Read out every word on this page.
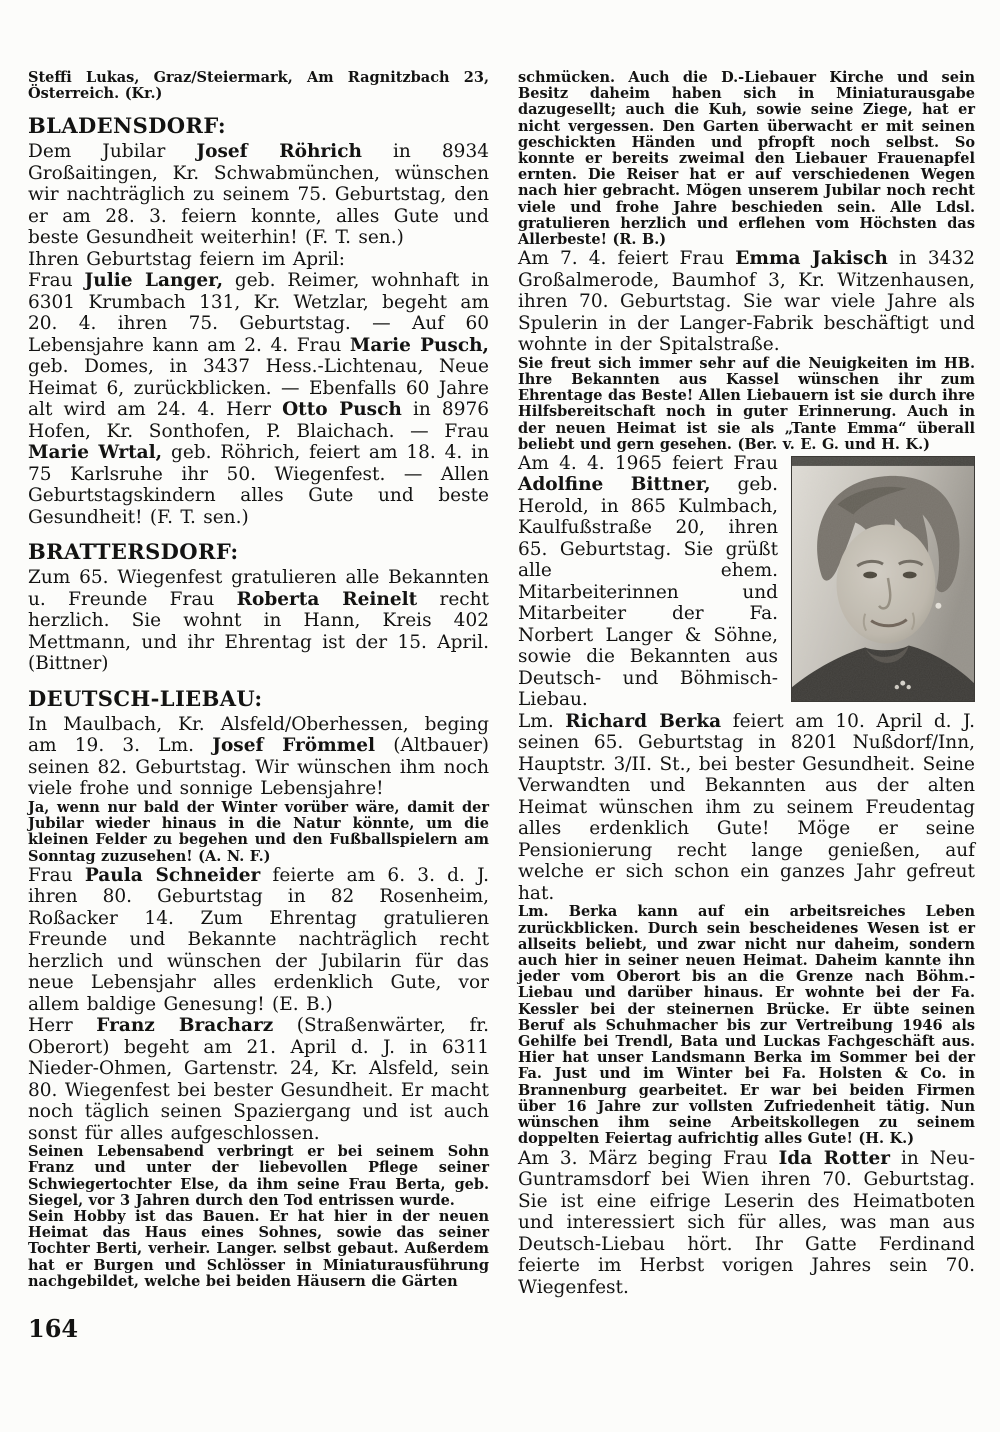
Steffi Lukas, Graz/Steiermark, Am Ragnitzbach 23, Österreich. (Kr.)

BLADENSDORF:

Dem Jubilar Josef Röhrich in 8934 Großaitingen, Kr. Schwabmünchen, wünschen wir nachträglich zu seinem 75. Geburtstag, den er am 28. 3. feiern konnte, alles Gute und beste Gesundheit weiterhin! (F. T. sen.)

Ihren Geburtstag feiern im April:

Frau Julie Langer, geb. Reimer, wohnhaft in 6301 Krumbach 131, Kr. Wetzlar, begeht am 20. 4. ihren 75. Geburtstag. — Auf 60 Lebensjahre kann am 2. 4. Frau Marie Pusch, geb. Domes, in 3437 Hess.-Lichtenau, Neue Heimat 6, zurückblicken. — Ebenfalls 60 Jahre alt wird am 24. 4. Herr Otto Pusch in 8976 Hofen, Kr. Sonthofen, P. Blaichach. — Frau Marie Wrtal, geb. Röhrich, feiert am 18. 4. in 75 Karlsruhe ihr 50. Wiegenfest. — Allen Geburtstagskindern alles Gute und beste Gesundheit! (F. T. sen.)

BRATTERSDORF:

Zum 65. Wiegenfest gratulieren alle Bekannten u. Freunde Frau Roberta Reinelt recht herzlich. Sie wohnt in Hann, Kreis 402 Mettmann, und ihr Ehrentag ist der 15. April. (Bittner)

DEUTSCH-LIEBAU:

In Maulbach, Kr. Alsfeld/Oberhessen, beging am 19. 3. Lm. Josef Frömmel (Altbauer) seinen 82. Geburtstag. Wir wünschen ihm noch viele frohe und sonnige Lebensjahre!

Ja, wenn nur bald der Winter vorüber wäre, damit der Jubilar wieder hinaus in die Natur könnte, um die kleinen Felder zu begehen und den Fußballspielern am Sonntag zuzusehen! (A. N. F.)

Frau Paula Schneider feierte am 6. 3. d. J. ihren 80. Geburtstag in 82 Rosenheim, Roßacker 14. Zum Ehrentag gratulieren Freunde und Bekannte nachträglich recht herzlich und wünschen der Jubilarin für das neue Lebensjahr alles erdenklich Gute, vor allem baldige Genesung! (E. B.)

Herr Franz Bracharz (Straßenwärter, fr. Oberort) begeht am 21. April d. J. in 6311 Nieder-Ohmen, Gartenstr. 24, Kr. Alsfeld, sein 80. Wiegenfest bei bester Gesundheit. Er macht noch täglich seinen Spaziergang und ist auch sonst für alles aufgeschlossen.

Seinen Lebensabend verbringt er bei seinem Sohn Franz und unter der liebevollen Pflege seiner Schwiegertochter Else, da ihm seine Frau Berta, geb. Siegel, vor 3 Jahren durch den Tod entrissen wurde.

Sein Hobby ist das Bauen. Er hat hier in der neuen Heimat das Haus eines Sohnes, sowie das seiner Tochter Berti, verheir. Langer. selbst gebaut. Außerdem hat er Burgen und Schlösser in Miniaturausführung nachgebildet, welche bei beiden Häusern die Gärten

schmücken. Auch die D.-Liebauer Kirche und sein Besitz daheim haben sich in Miniaturausgabe dazugesellt; auch die Kuh, sowie seine Ziege, hat er nicht vergessen. Den Garten überwacht er mit seinen geschickten Händen und pfropft noch selbst. So konnte er bereits zweimal den Liebauer Frauenapfel ernten. Die Reiser hat er auf verschiedenen Wegen nach hier gebracht. Mögen unserem Jubilar noch recht viele und frohe Jahre beschieden sein. Alle Ldsl. gratulieren herzlich und erflehen vom Höchsten das Allerbeste! (R. B.)

Am 7. 4. feiert Frau Emma Jakisch in 3432 Großalmerode, Baumhof 3, Kr. Witzenhausen, ihren 70. Geburtstag. Sie war viele Jahre als Spulerin in der Langer-Fabrik beschäftigt und wohnte in der Spitalstraße.

Sie freut sich immer sehr auf die Neuigkeiten im HB. Ihre Bekannten aus Kassel wünschen ihr zum Ehrentage das Beste! Allen Liebauern ist sie durch ihre Hilfsbereitschaft noch in guter Erinnerung. Auch in der neuen Heimat ist sie als „Tante Emma“ überall beliebt und gern gesehen. (Ber. v. E. G. und H. K.)

Am 4. 4. 1965 feiert Frau Adolfine Bittner, geb. Herold, in 865 Kulmbach, Kaulfußstraße 20, ihren 65. Geburtstag. Sie grüßt alle ehem. Mitarbeiterinnen und Mitarbeiter der Fa. Norbert Langer & Söhne, sowie die Bekannten aus Deutsch- und Böhmisch-Liebau.

Lm. Richard Berka feiert am 10. April d. J. seinen 65. Geburtstag in 8201 Nußdorf/Inn, Hauptstr. 3/II. St., bei bester Gesundheit. Seine Verwandten und Bekannten aus der alten Heimat wünschen ihm zu seinem Freudentag alles erdenklich Gute! Möge er seine Pensionierung recht lange genießen, auf welche er sich schon ein ganzes Jahr gefreut hat.

Lm. Berka kann auf ein arbeitsreiches Leben zurückblicken. Durch sein bescheidenes Wesen ist er allseits beliebt, und zwar nicht nur daheim, sondern auch hier in seiner neuen Heimat. Daheim kannte ihn jeder vom Oberort bis an die Grenze nach Böhm.-Liebau und darüber hinaus. Er wohnte bei der Fa. Kessler bei der steinernen Brücke. Er übte seinen Beruf als Schuhmacher bis zur Vertreibung 1946 als Gehilfe bei Trendl, Bata und Luckas Fachgeschäft aus. Hier hat unser Landsmann Berka im Sommer bei der Fa. Just und im Winter bei Fa. Holsten & Co. in Brannenburg gearbeitet. Er war bei beiden Firmen über 16 Jahre zur vollsten Zufriedenheit tätig. Nun wünschen ihm seine Arbeitskollegen zu seinem doppelten Feiertag aufrichtig alles Gute! (H. K.)

Am 3. März beging Frau Ida Rotter in Neu-Guntramsdorf bei Wien ihren 70. Geburtstag. Sie ist eine eifrige Leserin des Heimatboten und interessiert sich für alles, was man aus Deutsch-Liebau hört. Ihr Gatte Ferdinand feierte im Herbst vorigen Jahres sein 70. Wiegenfest.

164
